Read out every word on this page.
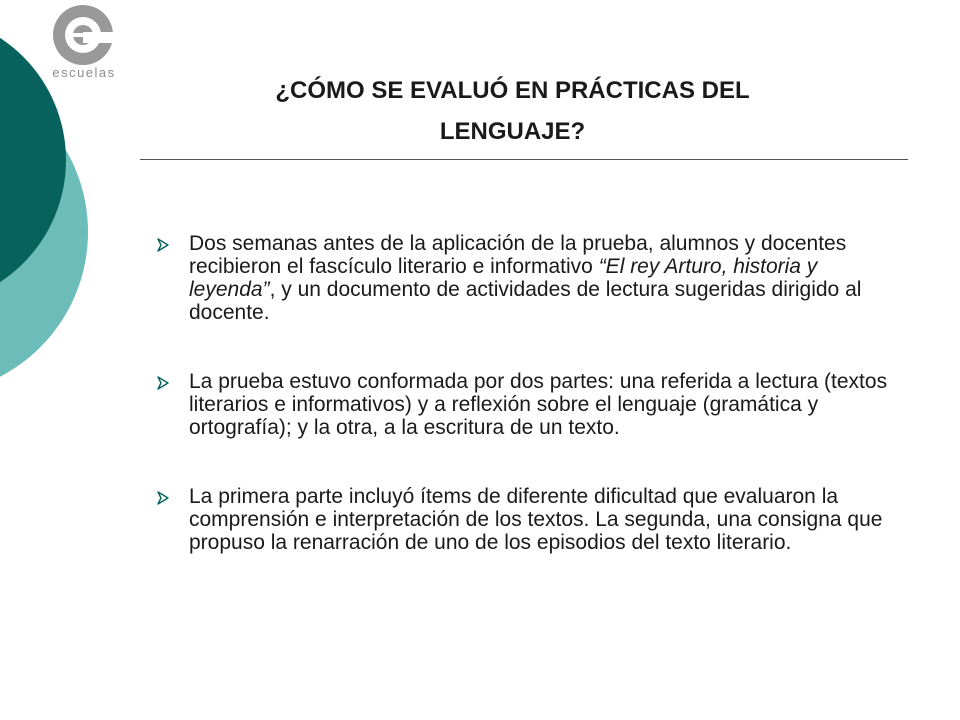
escuelas
¿CÓMO SE EVALUÓ EN PRÁCTICAS DEL
LENGUAJE?
Dos semanas antes de la aplicación de la prueba, alumnos y docentes recibieron el fascículo literario e informativo “El rey Arturo, historia y leyenda”, y un documento de actividades de lectura sugeridas dirigido al docente.
La prueba estuvo conformada por dos partes: una referida a lectura (textos literarios e informativos) y a reflexión sobre el lenguaje (gramática y ortografía); y la otra, a la escritura de un texto.
La primera parte incluyó ítems de diferente dificultad que evaluaron la comprensión e interpretación de los textos. La segunda, una consigna que propuso la renarración de uno de los episodios del texto literario.
